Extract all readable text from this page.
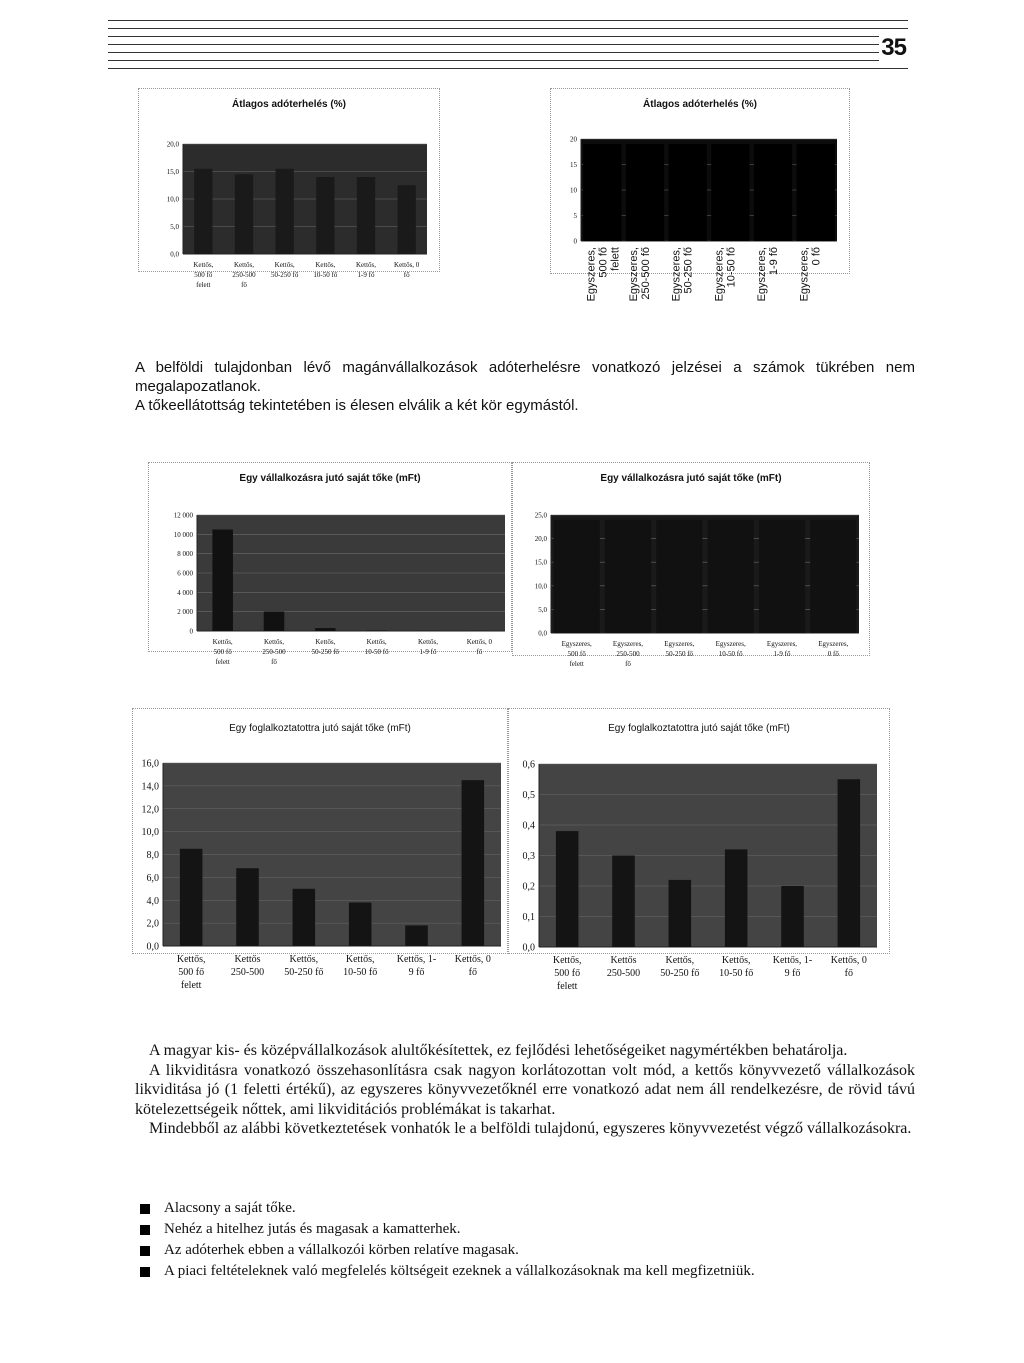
35
Átlagos adóterhelés (%)
0,0
5,0
10,0
15,0
20,0
Kettős,
500 fő
felett
Kettős,
250-500
fő
Kettős,
50-250 fő
Kettős,
10-50 fő
Kettős,
1-9 fő
Kettős, 0
fő
Átlagos adóterhelés (%)
0
5
10
15
20
Egyszeres, 500 fő felett Egyszeres, 250-500 fő Egyszeres, 50-250 fő Egyszeres, 10-50 fő Egyszeres, 1-9 fő Egyszeres, 0 fő

A belföldi tulajdonban lévő magánvállalkozások adóterhelésre vonatkozó jelzései a számok tükrében nem megalapozatlanok.

A tőkeellátottság tekintetében is élesen elválik a két kör egymástól.

Egy vállalkozásra jutó saját tőke (mFt)
0
2 000
4 000
6 000
8 000
10 000
12 000
Kettős,
500 fő
felett
Kettős,
250-500
fő
Kettős,
50-250 fő
Kettős,
10-50 fő
Kettős,
1-9 fő
Kettős, 0
fő
Egy vállalkozásra jutó saját tőke (mFt)
0,0
5,0
10,0
15,0
20,0
25,0
Egyszeres,
500 fő
felett
Egyszeres,
250-500
fő
Egyszeres,
50-250 fő
Egyszeres,
10-50 fő
Egyszeres,
1-9 fő
Egyszeres,
0 fő
Egy foglalkoztatottra jutó saját tőke (mFt)
0,0
2,0
4,0
6,0
8,0
10,0
12,0
14,0
16,0
Kettős,
500 fő
felett
Kettős
250-500
Kettős,
50-250 fő
Kettős,
10-50 fő
Kettős, 1-
9 fő
Kettős, 0
fő
Egy foglalkoztatottra jutó saját tőke (mFt)
0,0
0,1
0,2
0,3
0,4
0,5
0,6
Kettős,
500 fő
felett
Kettős
250-500
Kettős,
50-250 fő
Kettős,
10-50 fő
Kettős, 1-
9 fő
Kettős, 0
fő

A magyar kis- és középvállalkozások alultőkésítettek, ez fejlődési lehetőségeiket nagymértékben behatárolja.

A likviditásra vonatkozó összehasonlításra csak nagyon korlátozottan volt mód, a kettős könyvvezető vállalkozások likviditása jó (1 feletti értékű), az egyszeres könyvvezetőknél erre vonatkozó adat nem áll rendelkezésre, de rövid távú kötelezettségeik nőttek, ami likviditációs problémákat is takarhat.

Mindebből az alábbi következtetések vonhatók le a belföldi tulajdonú, egyszeres könyvvezetést végző vállalkozásokra.

Alacsony a saját tőke.
Nehéz a hitelhez jutás és magasak a kamatterhek.
Az adóterhek ebben a vállalkozói körben relatíve magasak.
A piaci feltételeknek való megfelelés költségeit ezeknek a vállalkozásoknak ma kell megfizetniük.
